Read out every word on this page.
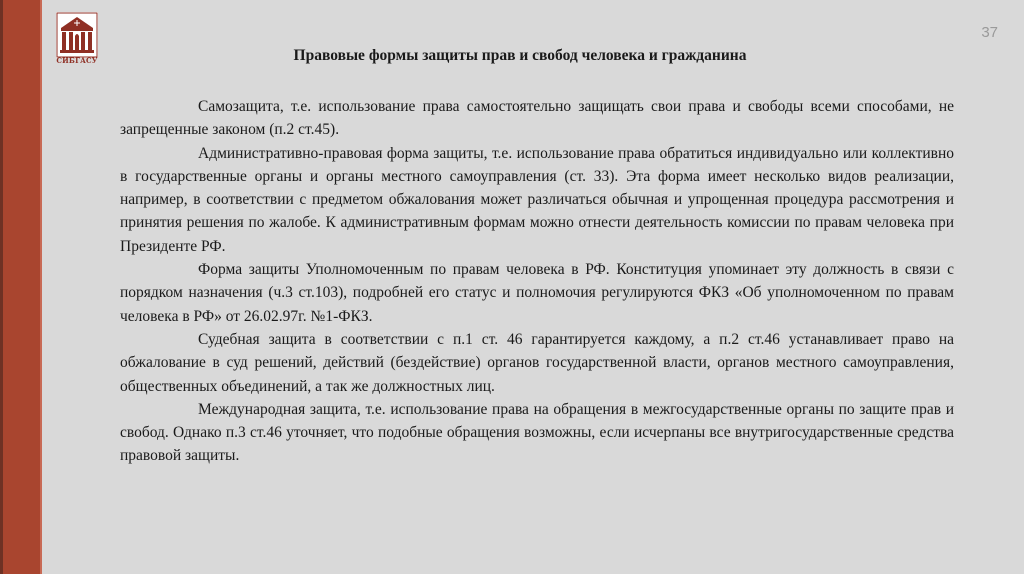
СИБГАСУ
37
Правовые формы защиты прав и свобод человека и гражданина

Самозащита, т.е. использование права самостоятельно защищать свои права и свободы всеми способами, не запрещенные законом (п.2 ст.45).

Административно-правовая форма защиты, т.е. использование права обратиться индивидуально или коллективно в государственные органы и органы местного самоуправления (ст. 33). Эта форма имеет несколько видов реализации, например, в соответствии с предметом обжалования может различаться обычная и упрощенная процедура рассмотрения и принятия решения по жалобе. К административным формам можно отнести деятельность комиссии по правам человека при Президенте РФ.

Форма защиты Уполномоченным по правам человека в РФ. Конституция упоминает эту должность в связи с порядком назначения (ч.3 ст.103), подробней его статус и полномочия регулируются ФКЗ «Об уполномоченном по правам человека в РФ» от 26.02.97г. №1-ФКЗ.

Судебная защита в соответствии с п.1 ст. 46 гарантируется каждому, а п.2 ст.46 устанавливает право на обжалование в суд решений, действий (бездействие) органов государственной власти, органов местного самоуправления, общественных объединений, а так же должностных лиц.

Международная защита, т.е. использование права на обращения в межгосударственные органы по защите прав и свобод. Однако п.3 ст.46 уточняет, что подобные обращения возможны, если исчерпаны все внутригосударственные средства правовой защиты.
